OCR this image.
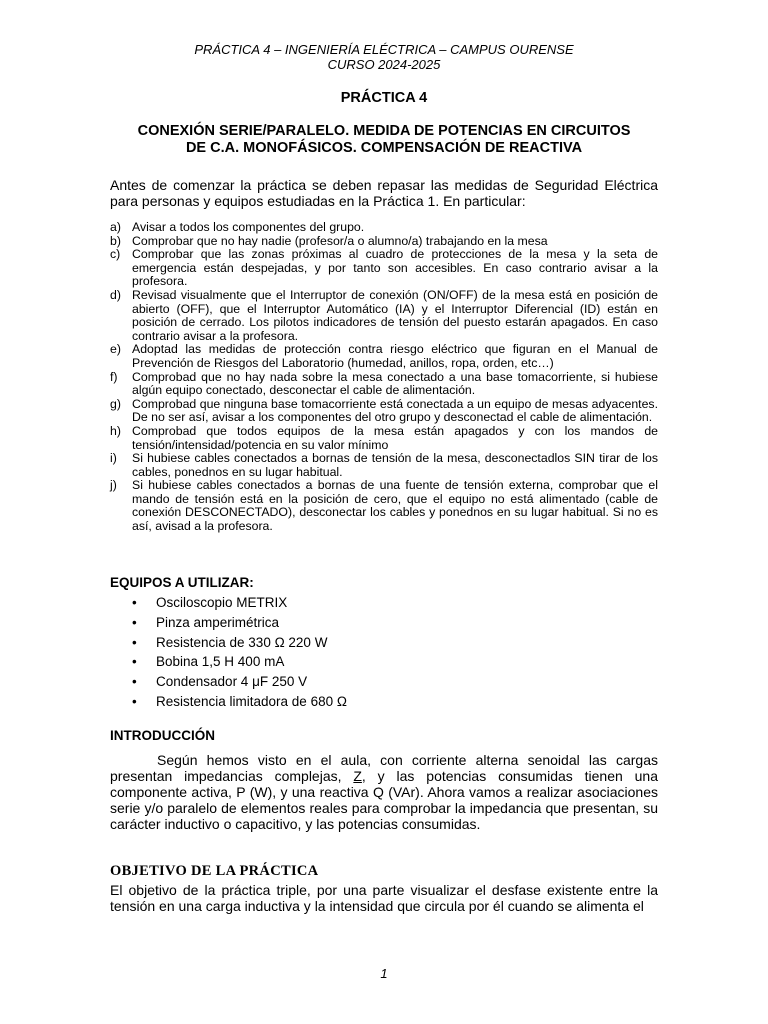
PRÁCTICA 4 – INGENIERÍA ELÉCTRICA – CAMPUS OURENSE
CURSO 2024-2025
PRÁCTICA 4
CONEXIÓN SERIE/PARALELO. MEDIDA DE POTENCIAS EN CIRCUITOS
DE C.A. MONOFÁSICOS. COMPENSACIÓN DE REACTIVA
Antes de comenzar la práctica se deben repasar las medidas de Seguridad Eléctrica para personas y equipos estudiadas en la Práctica 1. En particular:
a) Avisar a todos los componentes del grupo.
b) Comprobar que no hay nadie (profesor/a o alumno/a) trabajando en la mesa
c) Comprobar que las zonas próximas al cuadro de protecciones de la mesa y la seta de emergencia están despejadas, y por tanto son accesibles. En caso contrario avisar a la profesora.
d) Revisad visualmente que el Interruptor de conexión (ON/OFF) de la mesa está en posición de abierto (OFF), que el Interruptor Automático (IA) y el Interruptor Diferencial (ID) están en posición de cerrado. Los pilotos indicadores de tensión del puesto estarán apagados. En caso contrario avisar a la profesora.
e) Adoptad las medidas de protección contra riesgo eléctrico que figuran en el Manual de Prevención de Riesgos del Laboratorio (humedad, anillos, ropa, orden, etc…)
f) Comprobad que no hay nada sobre la mesa conectado a una base tomacorriente, si hubiese algún equipo conectado, desconectar el cable de alimentación.
g) Comprobad que ninguna base tomacorriente está conectada a un equipo de mesas adyacentes. De no ser así, avisar a los componentes del otro grupo y desconectad el cable de alimentación.
h) Comprobad que todos equipos de la mesa están apagados y con los mandos de tensión/intensidad/potencia en su valor mínimo
i) Si hubiese cables conectados a bornas de tensión de la mesa, desconectadlos SIN tirar de los cables, ponednos en su lugar habitual.
j) Si hubiese cables conectados a bornas de una fuente de tensión externa, comprobar que el mando de tensión está en la posición de cero, que el equipo no está alimentado (cable de conexión DESCONECTADO), desconectar los cables y ponednos en su lugar habitual. Si no es así, avisad a la profesora.
EQUIPOS A UTILIZAR:
• Osciloscopio METRIX
• Pinza amperimétrica
• Resistencia de 330 Ω 220 W
• Bobina 1,5 H 400 mA
• Condensador 4 μF 250 V
• Resistencia limitadora de 680 Ω
INTRODUCCIÓN
Según hemos visto en el aula, con corriente alterna senoidal las cargas presentan impedancias complejas, Z, y las potencias consumidas tienen una componente activa, P (W), y una reactiva Q (VAr). Ahora vamos a realizar asociaciones serie y/o paralelo de elementos reales para comprobar la impedancia que presentan, su carácter inductivo o capacitivo, y las potencias consumidas.
OBJETIVO DE LA PRÁCTICA
El objetivo de la práctica triple, por una parte visualizar el desfase existente entre la tensión en una carga inductiva y la intensidad que circula por él cuando se alimenta el
1
